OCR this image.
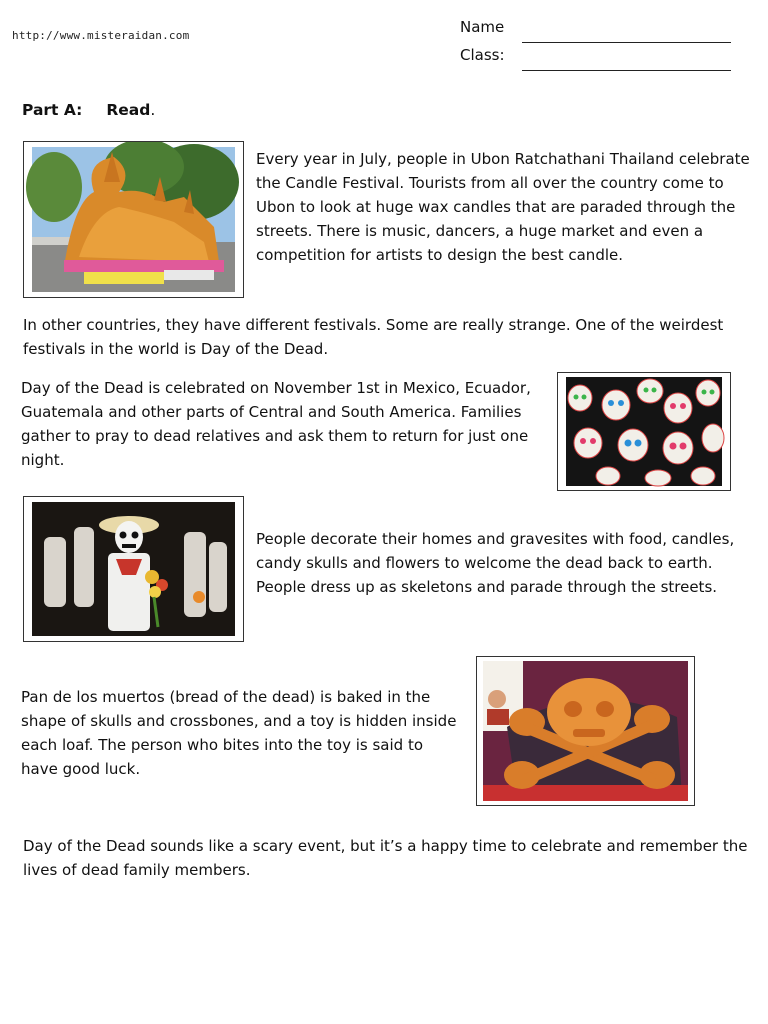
http://www.misteraidan.com	Name
Class:
Part A: Read.
Every year in July, people in Ubon Ratchathani Thailand celebrate the Candle Festival. Tourists from all over the country come to Ubon to look at huge wax candles that are paraded through the streets. There is music, dancers, a huge market and even a competition for artists to design the best candle.
In other countries, they have different festivals. Some are really strange. One of the weirdest festivals in the world is Day of the Dead.
Day of the Dead is celebrated on November 1st in Mexico, Ecuador, Guatemala and other parts of Central and South America. Families gather to pray to dead relatives and ask them to return for just one night.
People decorate their homes and gravesites with food, candles, candy skulls and flowers to welcome the dead back to earth. People dress up as skeletons and parade through the streets.
Pan de los muertos (bread of the dead) is baked in the shape of skulls and crossbones, and a toy is hidden inside each loaf. The person who bites into the toy is said to have good luck.
Day of the Dead sounds like a scary event, but it’s a happy time to celebrate and remember the lives of dead family members.
